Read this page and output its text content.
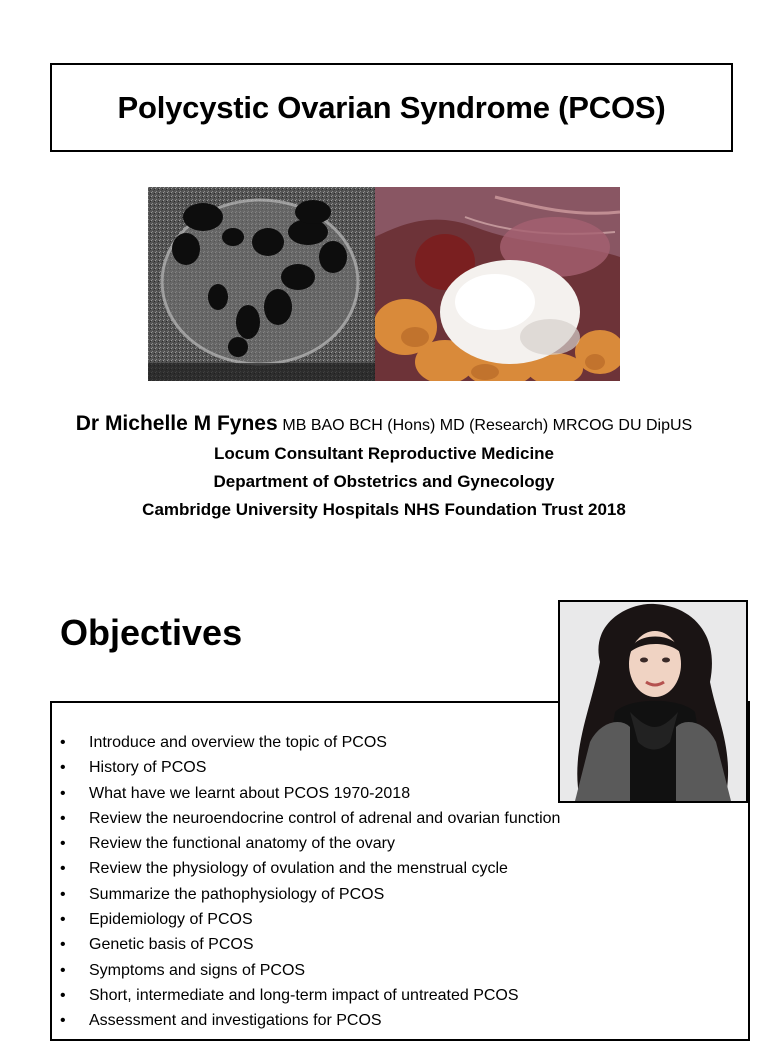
Polycystic Ovarian Syndrome (PCOS)
Dr Michelle M Fynes MB BAO BCH (Hons) MD (Research) MRCOG DU DipUS
Locum Consultant Reproductive Medicine
Department of Obstetrics and Gynecology
Cambridge University Hospitals NHS Foundation Trust 2018
Objectives
• Introduce and overview the topic of PCOS
• History of PCOS
• What have we learnt about PCOS 1970-2018
• Review the neuroendocrine control of adrenal and ovarian function
• Review the functional anatomy of the ovary
• Review the physiology of ovulation and the menstrual cycle
• Summarize the pathophysiology of PCOS
• Epidemiology of PCOS
• Genetic basis of PCOS
• Symptoms and signs of PCOS
• Short, intermediate and long-term impact of untreated PCOS
• Assessment and investigations for PCOS
